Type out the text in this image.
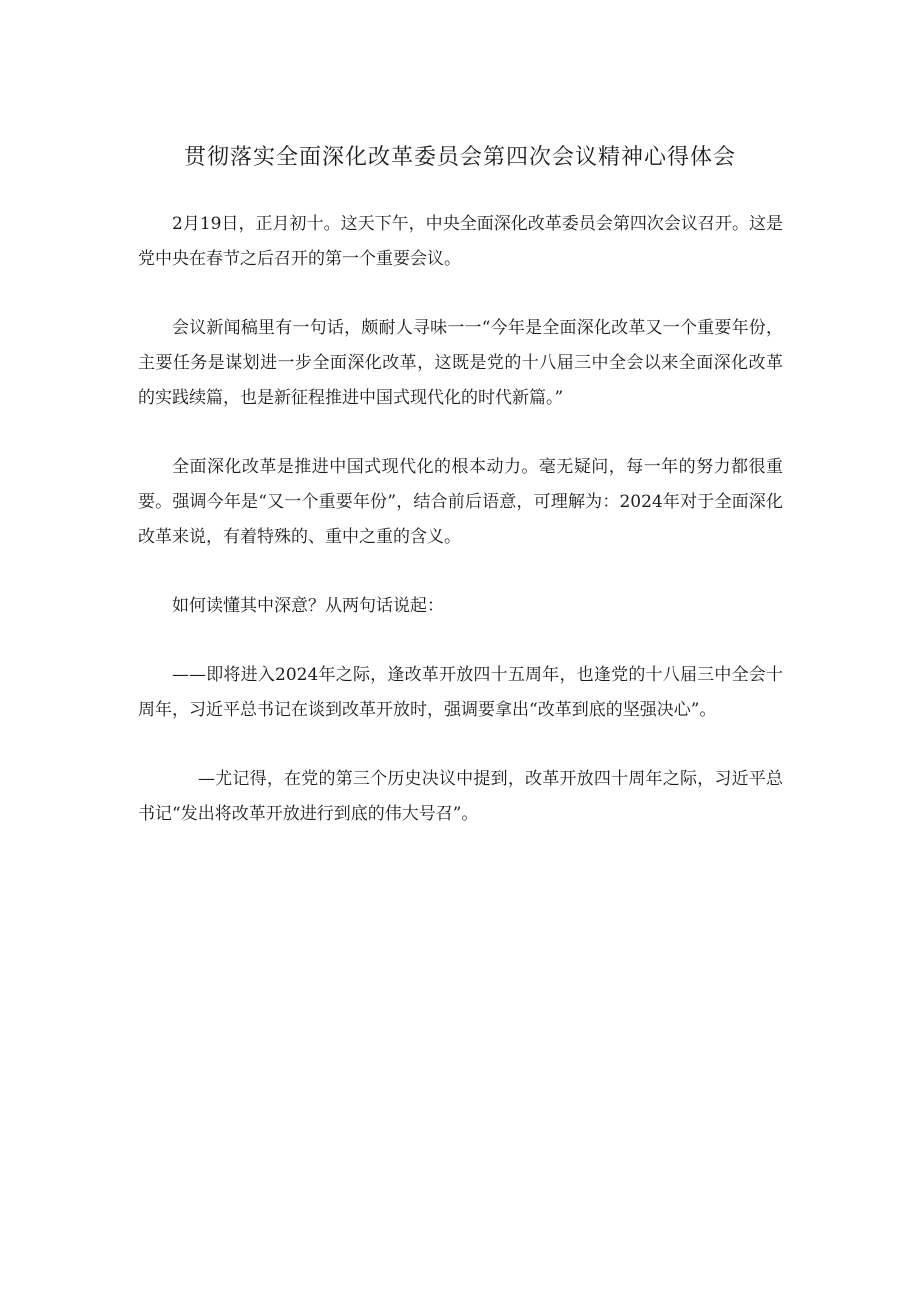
贯彻落实全面深化改革委员会第四次会议精神心得体会

2月19日，正月初十。这天下午，中央全面深化改革委员会第四次会议召开。这是党中央在春节之后召开的第一个重要会议。

会议新闻稿里有一句话，颇耐人寻味一一“今年是全面深化改革又一个重要年份，主要任务是谋划进一步全面深化改革，这既是党的十八届三中全会以来全面深化改革的实践续篇，也是新征程推进中国式现代化的时代新篇。”

全面深化改革是推进中国式现代化的根本动力。毫无疑问，每一年的努力都很重要。强调今年是“又一个重要年份”，结合前后语意，可理解为：2024年对于全面深化改革来说，有着特殊的、重中之重的含义。

如何读懂其中深意？从两句话说起：

——即将进入2024年之际，逢改革开放四十五周年，也逢党的十八届三中全会十周年，习近平总书记在谈到改革开放时，强调要拿出“改革到底的坚强决心”。

—尤记得，在党的第三个历史决议中提到，改革开放四十周年之际，习近平总书记“发出将改革开放进行到底的伟大号召”。
